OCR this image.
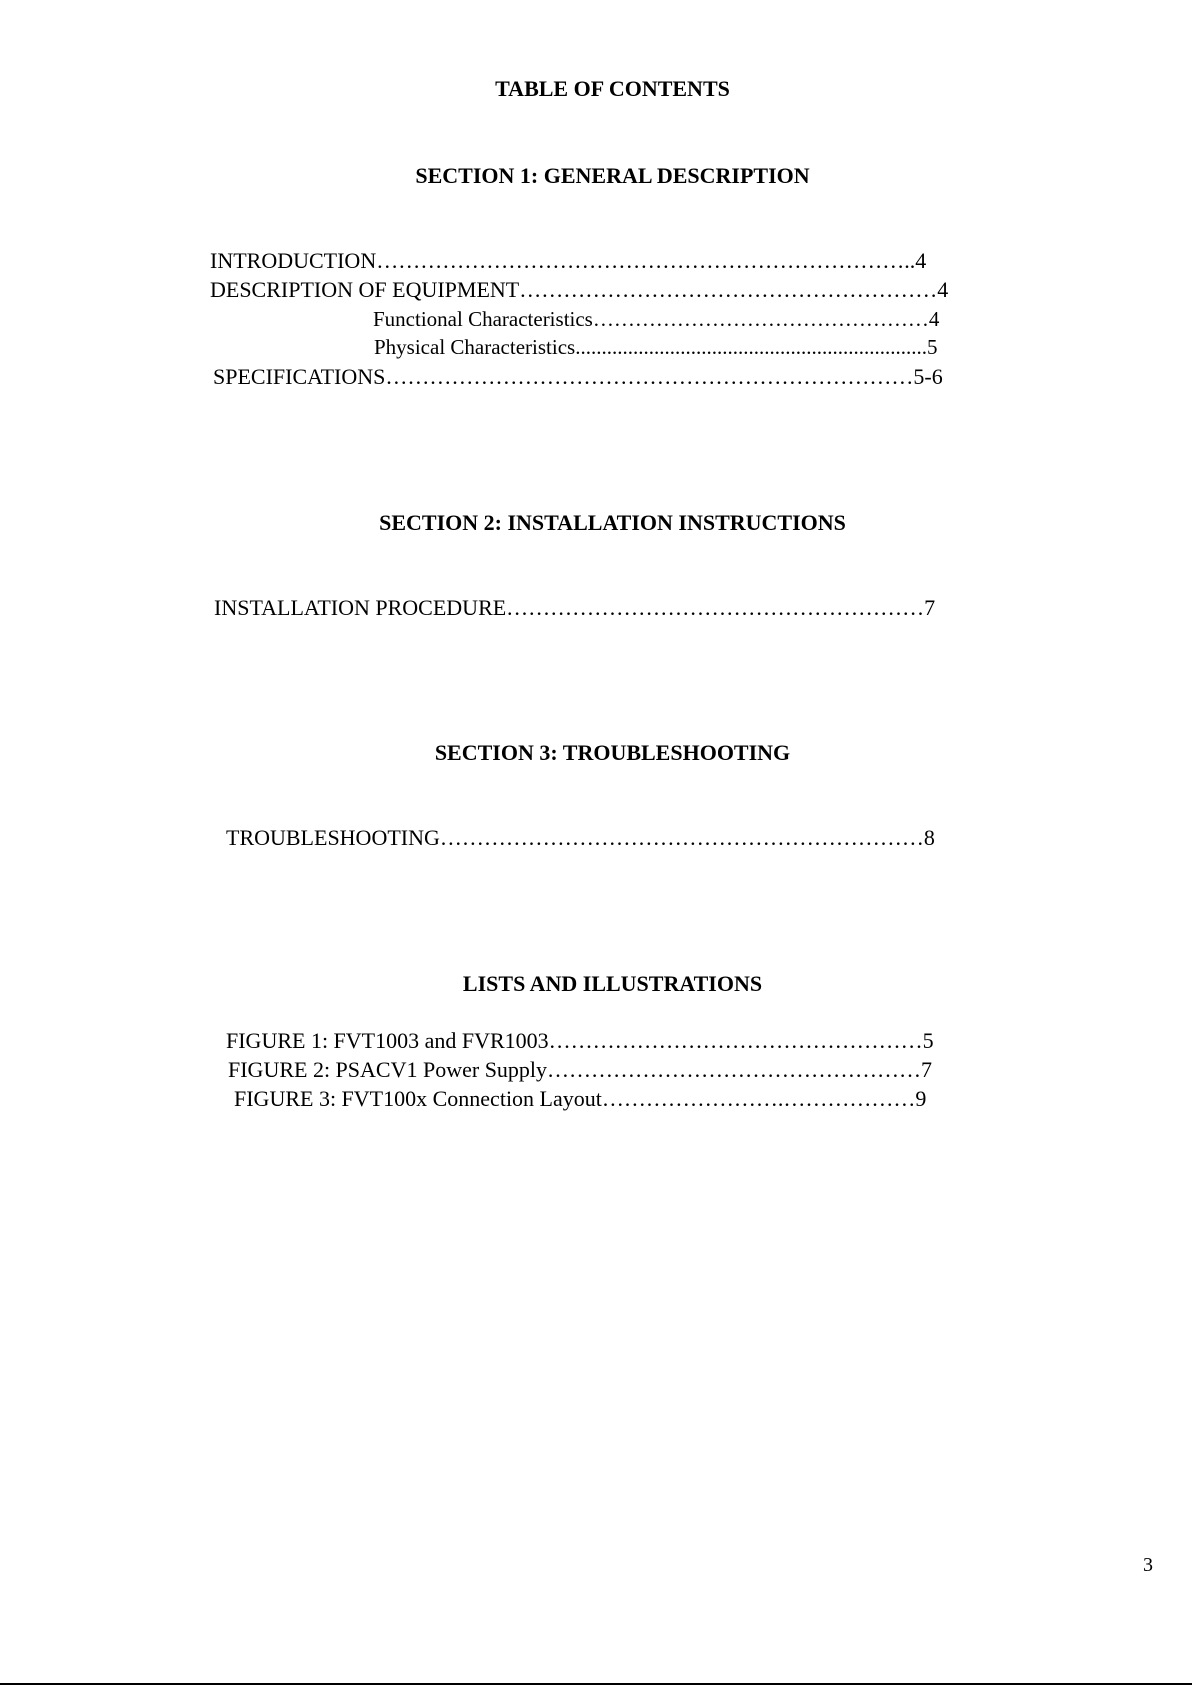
TABLE OF CONTENTS
SECTION 1: GENERAL DESCRIPTION
INTRODUCTION………………………………………………………………..4
DESCRIPTION OF EQUIPMENT…………………………………………………4
Functional Characteristics…………………………………………4
Physical Characteristics...................................................................5
SPECIFICATIONS………………………………………………………………5-6
SECTION 2: INSTALLATION INSTRUCTIONS
INSTALLATION PROCEDURE…………………………………………………7
SECTION 3: TROUBLESHOOTING
TROUBLESHOOTING…………………………………………………………8
LISTS AND ILLUSTRATIONS
FIGURE 1: FVT1003 and FVR1003……………………………………………5
FIGURE 2: PSACV1 Power Supply……………………………………………7
FIGURE 3: FVT100x Connection Layout…………………….………………9
3
